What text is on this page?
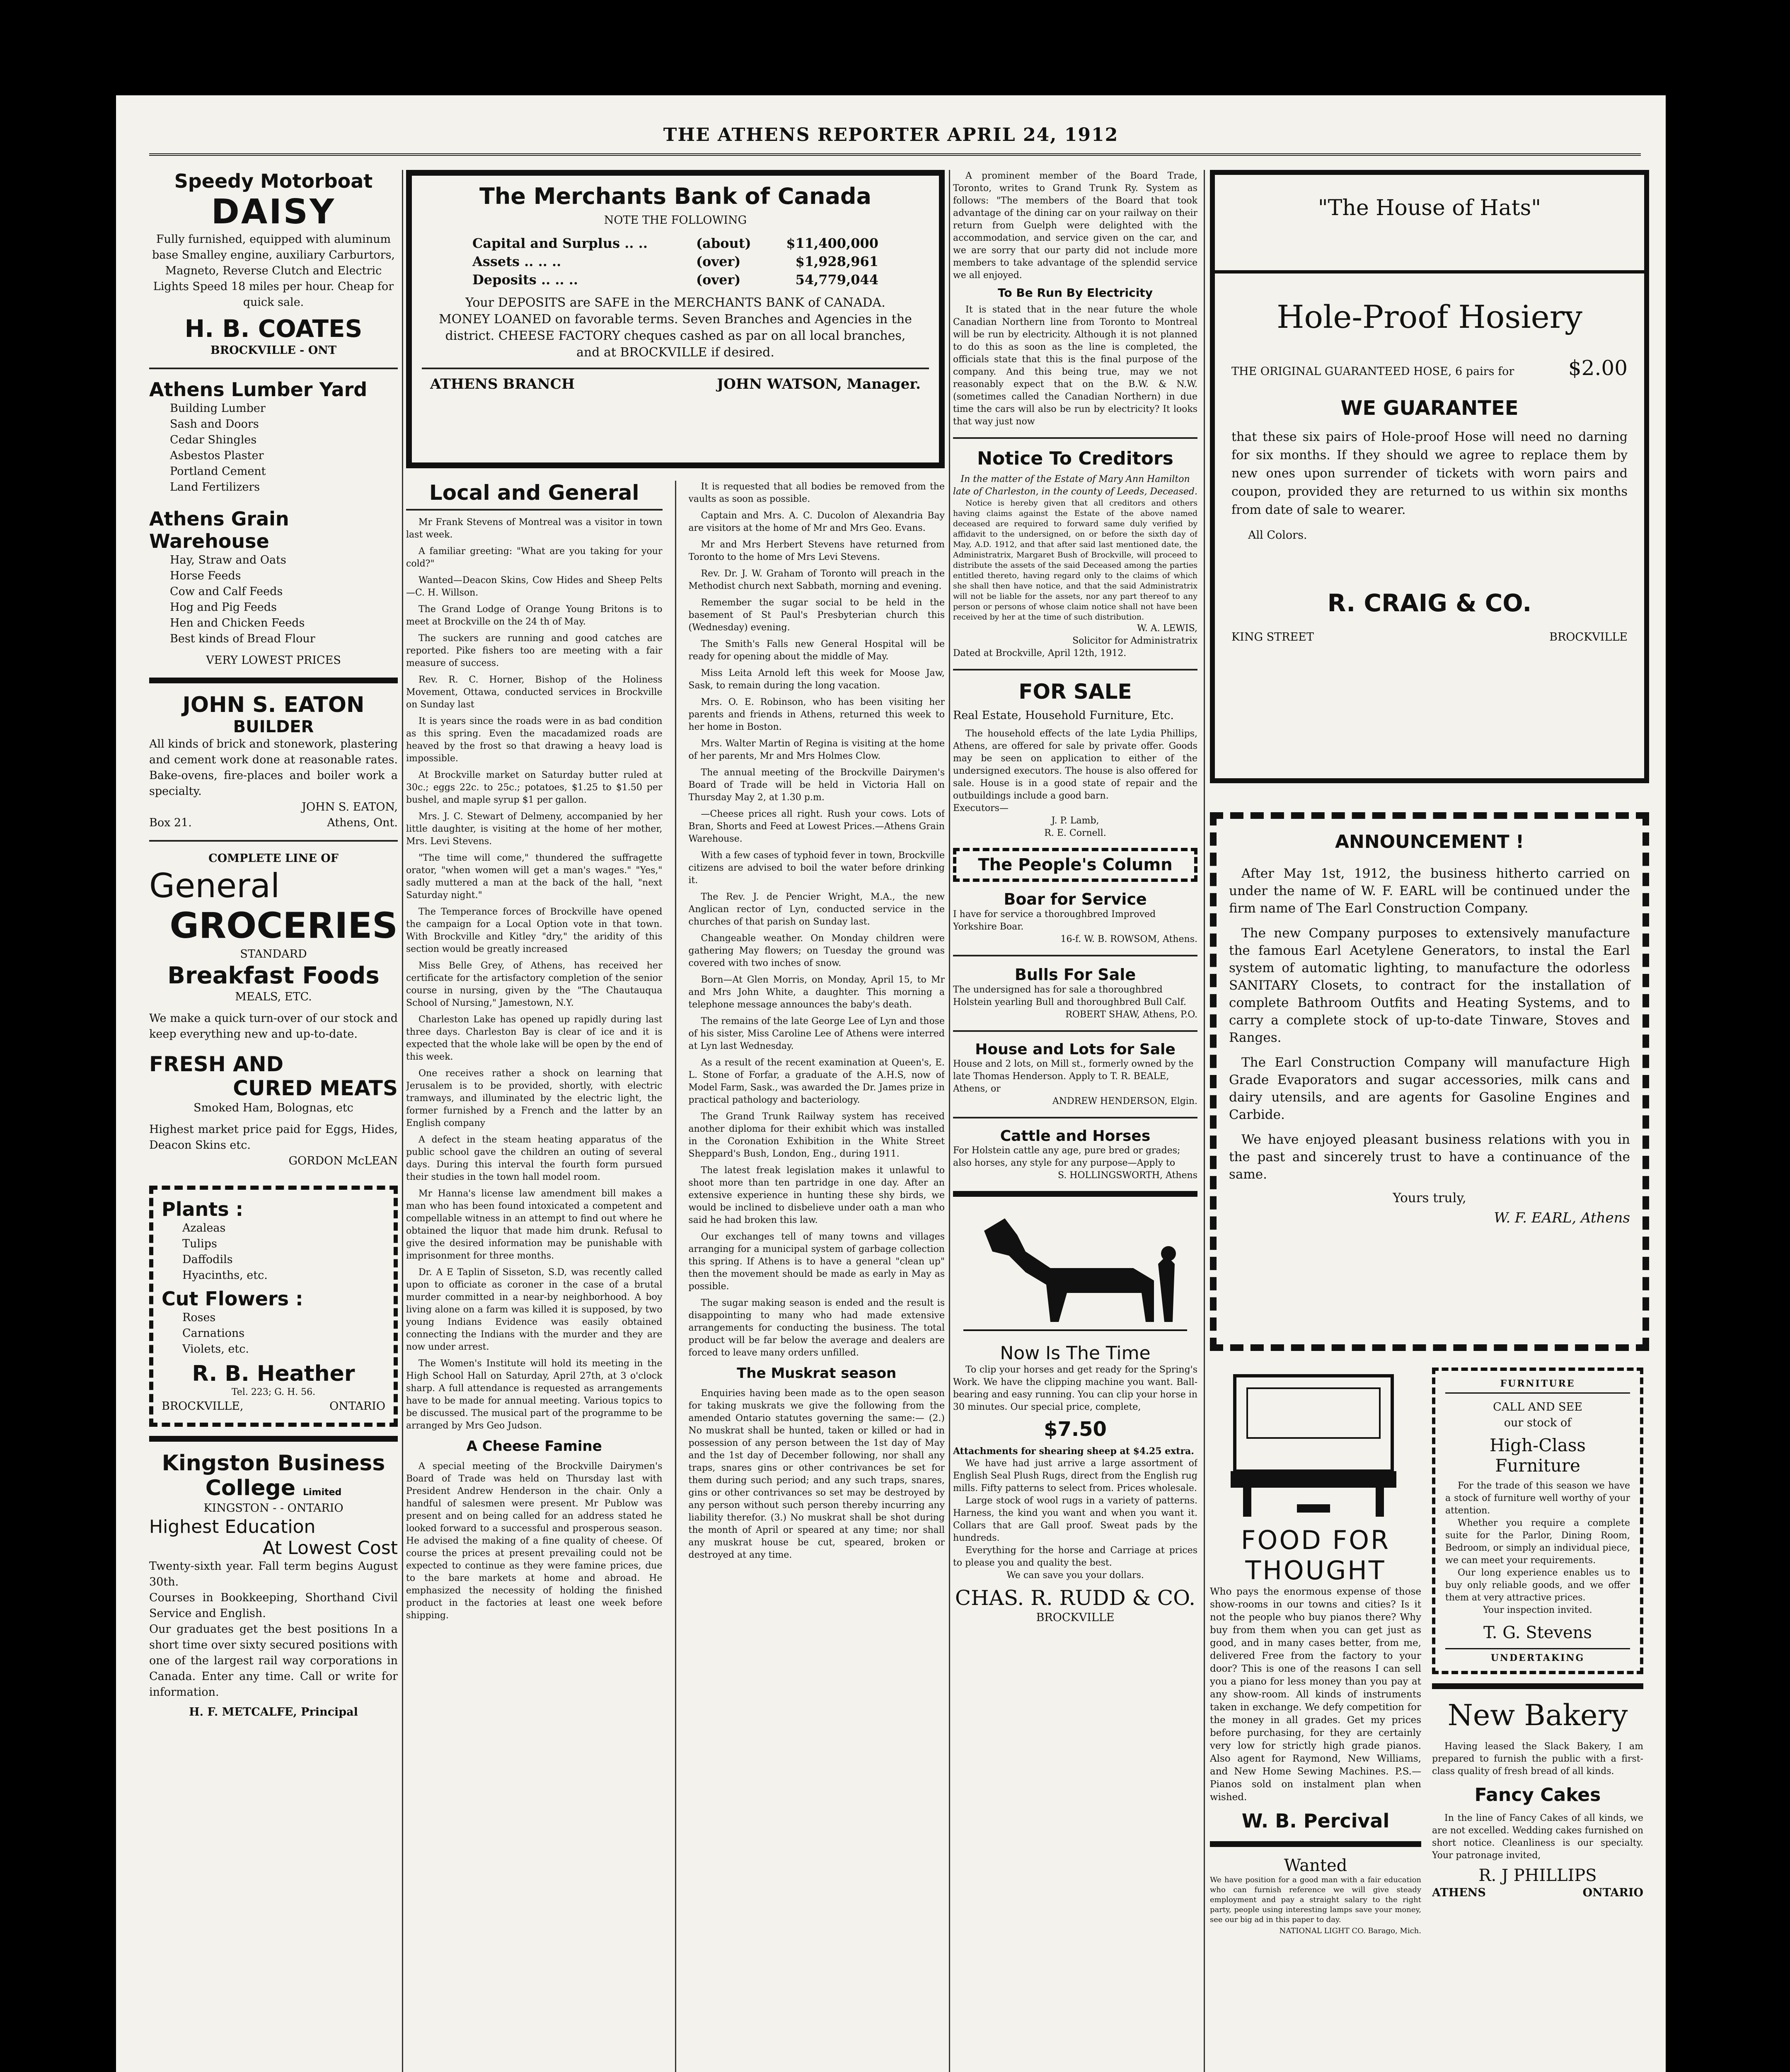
THE ATHENS REPORTER APRIL 24, 1912
Speedy Motorboat
DAISY
Fully furnished, equipped with aluminum base Smalley engine, auxiliary Carburtors, Magneto, Reverse Clutch and Electric Lights Speed 18 miles per hour. Cheap for quick sale.
H. B. COATES
BROCKVILLE - ONT
Athens Lumber Yard
Building Lumber
Sash and Doors
Cedar Shingles
Asbestos Plaster
Portland Cement
Land Fertilizers
Athens Grain Warehouse
Hay, Straw and Oats
Horse Feeds
Cow and Calf Feeds
Hog and Pig Feeds
Hen and Chicken Feeds
Best kinds of Bread Flour
VERY LOWEST PRICES
JOHN S. EATON
BUILDER
All kinds of brick and stonework, plastering and cement work done at reasonable rates. Bake-ovens, fire-places and boiler work a specialty.
JOHN S. EATON,
Box 21.	Athens, Ont.
COMPLETE LINE OF
General
GROCERIES
STANDARD
Breakfast Foods
MEALS, ETC.
We make a quick turn-over of our stock and keep everything new and up-to-date.
FRESH AND
CURED MEATS
Smoked Ham, Bolognas, etc
Highest market price paid for Eggs, Hides, Deacon Skins etc.
GORDON McLEAN
Plants :
Azaleas
Tulips
Daffodils
Hyacinths, etc.
Cut Flowers :
Roses
Carnations
Violets, etc.
R. B. Heather
Tel. 223; G. H. 56.
BROCKVILLE,	ONTARIO
Kingston Business
College Limited
KINGSTON - - ONTARIO
Highest Education
At Lowest Cost
Twenty-sixth year. Fall term begins August 30th.
Courses in Bookkeeping, Shorthand Civil Service and English.
Our graduates get the best positions In a short time over sixty secured positions with one of the largest rail way corporations in Canada. Enter any time. Call or write for information.
H. F. METCALFE, Principal
The Merchants Bank of Canada
NOTE THE FOLLOWING
Capital and Surplus .. ..	(about)	$11,400,000
Assets .. .. ..	(over)	$1,928,961
Deposits .. .. ..	(over)	54,779,044
Your DEPOSITS are SAFE in the MERCHANTS BANK of CANADA. MONEY LOANED on favorable terms. Seven Branches and Agencies in the district. CHEESE FACTORY cheques cashed as par on all local branches, and at BROCKVILLE if desired.
ATHENS BRANCH	JOHN WATSON, Manager.
Local and General
Mr Frank Stevens of Montreal was a visitor in town last week.
A familiar greeting: "What are you taking for your cold?"
Wanted—Deacon Skins, Cow Hides and Sheep Pelts—C. H. Willson.
The Grand Lodge of Orange Young Britons is to meet at Brockville on the 24 th of May.
The suckers are running and good catches are reported. Pike fishers too are meeting with a fair measure of success.
Rev. R. C. Horner, Bishop of the Holiness Movement, Ottawa, conducted services in Brockville on Sunday last
It is years since the roads were in as bad condition as this spring. Even the macadamized roads are heaved by the frost so that drawing a heavy load is impossible.
At Brockville market on Saturday butter ruled at 30c.; eggs 22c. to 25c.; potatoes, $1.25 to $1.50 per bushel, and maple syrup $1 per gallon.
Mrs. J. C. Stewart of Delmeny, accompanied by her little daughter, is visiting at the home of her mother, Mrs. Levi Stevens.
"The time will come," thundered the suffragette orator, "when women will get a man's wages." "Yes," sadly muttered a man at the back of the hall, "next Saturday night."
The Temperance forces of Brockville have opened the campaign for a Local Option vote in that town. With Brockville and Kitley "dry," the aridity of this section would be greatly increased
Miss Belle Grey, of Athens, has received her certificate for the artisfactory completion of the senior course in nursing, given by the "The Chautauqua School of Nursing," Jamestown, N.Y.
Charleston Lake has opened up rapidly during last three days. Charleston Bay is clear of ice and it is expected that the whole lake will be open by the end of this week.
One receives rather a shock on learning that Jerusalem is to be provided, shortly, with electric tramways, and illuminated by the electric light, the former furnished by a French and the latter by an English company
A defect in the steam heating apparatus of the public school gave the children an outing of several days. During this interval the fourth form pursued their studies in the town hall model room.
Mr Hanna's license law amendment bill makes a man who has been found intoxicated a competent and compellable witness in an attempt to find out where he obtained the liquor that made him drunk. Refusal to give the desired information may be punishable with imprisonment for three months.
Dr. A E Taplin of Sisseton, S.D, was recently called upon to officiate as coroner in the case of a brutal murder committed in a near-by neighborhood. A boy living alone on a farm was killed it is supposed, by two young Indians Evidence was easily obtained connecting the Indians with the murder and they are now under arrest.
The Women's Institute will hold its meeting in the High School Hall on Saturday, April 27th, at 3 o'clock sharp. A full attendance is requested as arrangements have to be made for annual meeting. Various topics to be discussed. The musical part of the programme to be arranged by Mrs Geo Judson.
A Cheese Famine
A special meeting of the Brockville Dairymen's Board of Trade was held on Thursday last with President Andrew Henderson in the chair. Only a handful of salesmen were present. Mr Publow was present and on being called for an address stated he looked forward to a successful and prosperous season. He advised the making of a fine quality of cheese. Of course the prices at present prevailing could not be expected to continue as they were famine prices, due to the bare markets at home and abroad. He emphasized the necessity of holding the finished product in the factories at least one week before shipping.
It is requested that all bodies be removed from the vaults as soon as possible.
Captain and Mrs. A. C. Ducolon of Alexandria Bay are visitors at the home of Mr and Mrs Geo. Evans.
Mr and Mrs Herbert Stevens have returned from Toronto to the home of Mrs Levi Stevens.
Rev. Dr. J. W. Graham of Toronto will preach in the Methodist church next Sabbath, morning and evening.
Remember the sugar social to be held in the basement of St Paul's Presbyterian church this (Wednesday) evening.
The Smith's Falls new General Hospital will be ready for opening about the middle of May.
Miss Leita Arnold left this week for Moose Jaw, Sask, to remain during the long vacation.
Mrs. O. E. Robinson, who has been visiting her parents and friends in Athens, returned this week to her home in Boston.
Mrs. Walter Martin of Regina is visiting at the home of her parents, Mr and Mrs Holmes Clow.
The annual meeting of the Brockville Dairymen's Board of Trade will be held in Victoria Hall on Thursday May 2, at 1.30 p.m.
—Cheese prices all right. Rush your cows. Lots of Bran, Shorts and Feed at Lowest Prices.—Athens Grain Warehouse.
With a few cases of typhoid fever in town, Brockville citizens are advised to boil the water before drinking it.
The Rev. J. de Pencier Wright, M.A., the new Anglican rector of Lyn, conducted service in the churches of that parish on Sunday last.
Changeable weather. On Monday children were gathering May flowers; on Tuesday the ground was covered with two inches of snow.
Born—At Glen Morris, on Monday, April 15, to Mr and Mrs John White, a daughter. This morning a telephone message announces the baby's death.
The remains of the late George Lee of Lyn and those of his sister, Miss Caroline Lee of Athens were interred at Lyn last Wednesday.
As a result of the recent examination at Queen's, E. L. Stone of Forfar, a graduate of the A.H.S, now of Model Farm, Sask., was awarded the Dr. James prize in practical pathology and bacteriology.
The Grand Trunk Railway system has received another diploma for their exhibit which was installed in the Coronation Exhibition in the White Street Sheppard's Bush, London, Eng., during 1911.
The latest freak legislation makes it unlawful to shoot more than ten partridge in one day. After an extensive experience in hunting these shy birds, we would be inclined to disbelieve under oath a man who said he had broken this law.
Our exchanges tell of many towns and villages arranging for a municipal system of garbage collection this spring. If Athens is to have a general "clean up" then the movement should be made as early in May as possible.
The sugar making season is ended and the result is disappointing to many who had made extensive arrangements for conducting the business. The total product will be far below the average and dealers are forced to leave many orders unfilled.
The Muskrat season
Enquiries having been made as to the open season for taking muskrats we give the following from the amended Ontario statutes governing the same:— (2.) No muskrat shall be hunted, taken or killed or had in possession of any person between the 1st day of May and the 1st day of December following, nor shall any traps, snares gins or other contrivances be set for them during such period; and any such traps, snares, gins or other contrivances so set may be destroyed by any person without such person thereby incurring any liability therefor. (3.) No muskrat shall be shot during the month of April or speared at any time; nor shall any muskrat house be cut, speared, broken or destroyed at any time.
A prominent member of the Board Trade, Toronto, writes to Grand Trunk Ry. System as follows: "The members of the Board that took advantage of the dining car on your railway on their return from Guelph were delighted with the accommodation, and service given on the car, and we are sorry that our party did not include more members to take advantage of the splendid service we all enjoyed.
To Be Run By Electricity
It is stated that in the near future the whole Canadian Northern line from Toronto to Montreal will be run by electricity. Although it is not planned to do this as soon as the line is completed, the officials state that this is the final purpose of the company. And this being true, may we not reasonably expect that on the B.W. & N.W. (sometimes called the Canadian Northern) in due time the cars will also be run by electricity? It looks that way just now
Notice To Creditors
In the matter of the Estate of Mary Ann Hamilton late of Charleston, in the county of Leeds, Deceased.
Notice is hereby given that all creditors and others having claims against the Estate of the above named deceased are required to forward same duly verified by affidavit to the undersigned, on or before the sixth day of May, A.D. 1912, and that after said last mentioned date, the Administratrix, Margaret Bush of Brockville, will proceed to distribute the assets of the said Deceased among the parties entitled thereto, having regard only to the claims of which she shall then have notice, and that the said Administratrix will not be liable for the assets, nor any part thereof to any person or persons of whose claim notice shall not have been received by her at the time of such distribution.
W. A. LEWIS,
Solicitor for Administratrix
Dated at Brockville, April 12th, 1912.
FOR SALE
Real Estate, Household Furniture, Etc.
The household effects of the late Lydia Phillips, Athens, are offered for sale by private offer. Goods may be seen on application to either of the undersigned executors. The house is also offered for sale. House is in a good state of repair and the outbuildings include a good barn.
Executors—
J. P. Lamb,
R. E. Cornell.
The People's Column
Boar for Service
I have for service a thoroughbred Improved Yorkshire Boar.
16-f. W. B. ROWSOM, Athens.
Bulls For Sale
The undersigned has for sale a thoroughbred Holstein yearling Bull and thoroughbred Bull Calf.
ROBERT SHAW, Athens, P.O.
House and Lots for Sale
House and 2 lots, on Mill st., formerly owned by the late Thomas Henderson. Apply to T. R. BEALE, Athens, or
ANDREW HENDERSON, Elgin.
Cattle and Horses
For Holstein cattle any age, pure bred or grades; also horses, any style for any purpose—Apply to
S. HOLLINGSWORTH, Athens
Now Is The Time
To clip your horses and get ready for the Spring's Work. We have the clipping machine you want. Ball-bearing and easy running. You can clip your horse in 30 minutes. Our special price, complete,
$7.50
Attachments for shearing sheep at $4.25 extra.
We have had just arrive a large assortment of English Seal Plush Rugs, direct from the English rug mills. Fifty patterns to select from. Prices wholesale.
Large stock of wool rugs in a variety of patterns. Harness, the kind you want and when you want it. Collars that are Gall proof. Sweat pads by the hundreds.
Everything for the horse and Carriage at prices to please you and quality the best.
We can save you your dollars.
CHAS. R. RUDD & CO.
BROCKVILLE
"The House of Hats"
Hole-Proof Hosiery
THE ORIGINAL GUARANTEED HOSE, 6 pairs for	$2.00
WE GUARANTEE
that these six pairs of Hole-proof Hose will need no darning for six months. If they should we agree to replace them by new ones upon surrender of tickets with worn pairs and coupon, provided they are returned to us within six months from date of sale to wearer.
All Colors.
R. CRAIG & CO.
KING STREET	BROCKVILLE
ANNOUNCEMENT !
After May 1st, 1912, the business hitherto carried on under the name of W. F. EARL will be continued under the firm name of The Earl Construction Company.
The new Company purposes to extensively manufacture the famous Earl Acetylene Generators, to instal the Earl system of automatic lighting, to manufacture the odorless SANITARY Closets, to contract for the installation of complete Bathroom Outfits and Heating Systems, and to carry a complete stock of up-to-date Tinware, Stoves and Ranges.
The Earl Construction Company will manufacture High Grade Evaporators and sugar accessories, milk cans and dairy utensils, and are agents for Gasoline Engines and Carbide.
We have enjoyed pleasant business relations with you in the past and sincerely trust to have a continuance of the same.
Yours truly,
W. F. EARL, Athens
FOOD FOR
THOUGHT
Who pays the enormous expense of those show-rooms in our towns and cities? Is it not the people who buy pianos there? Why buy from them when you can get just as good, and in many cases better, from me, delivered Free from the factory to your door? This is one of the reasons I can sell you a piano for less money than you pay at any show-room. All kinds of instruments taken in exchange. We defy competition for the money in all grades. Get my prices before purchasing, for they are certainly very low for strictly high grade pianos. Also agent for Raymond, New Williams, and New Home Sewing Machines. P.S.—Pianos sold on instalment plan when wished.
W. B. Percival
Wanted
We have position for a good man with a fair education who can furnish reference we will give steady employment and pay a straight salary to the right party, people using interesting lamps save your money, see our big ad in this paper to day.
NATIONAL LIGHT CO. Barago, Mich.
FURNITURE
CALL AND SEE
our stock of
High-Class Furniture
For the trade of this season we have a stock of furniture well worthy of your attention.
Whether you require a complete suite for the Parlor, Dining Room, Bedroom, or simply an individual piece, we can meet your requirements.
Our long experience enables us to buy only reliable goods, and we offer them at very attractive prices.
Your inspection invited.
T. G. Stevens
UNDERTAKING
New Bakery
Having leased the Slack Bakery, I am prepared to furnish the public with a first-class quality of fresh bread of all kinds.
Fancy Cakes
In the line of Fancy Cakes of all kinds, we are not excelled. Wedding cakes furnished on short notice. Cleanliness is our specialty. Your patronage invited,
R. J PHILLIPS
ATHENS	ONTARIO
